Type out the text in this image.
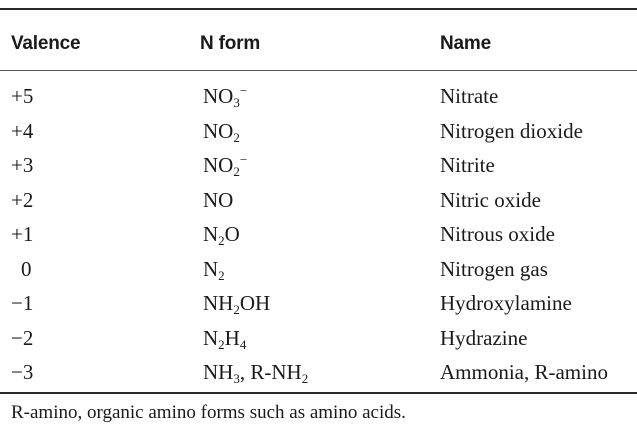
Valence	N form	Name
+5	$NO_3^-$	Nitrate
+4	$NO_2$	Nitrogen dioxide
+3	$NO_2^-$	Nitrite
+2	NO	Nitric oxide
+1	$N_2O$	Nitrous oxide
0	$N_2$	Nitrogen gas
−1	$NH_2OH$	Hydroxylamine
−2	$N_2H_4$	Hydrazine
−3	$NH_3$, $R-NH_2$	Ammonia, R-amino
R-amino, organic amino forms such as amino acids.
